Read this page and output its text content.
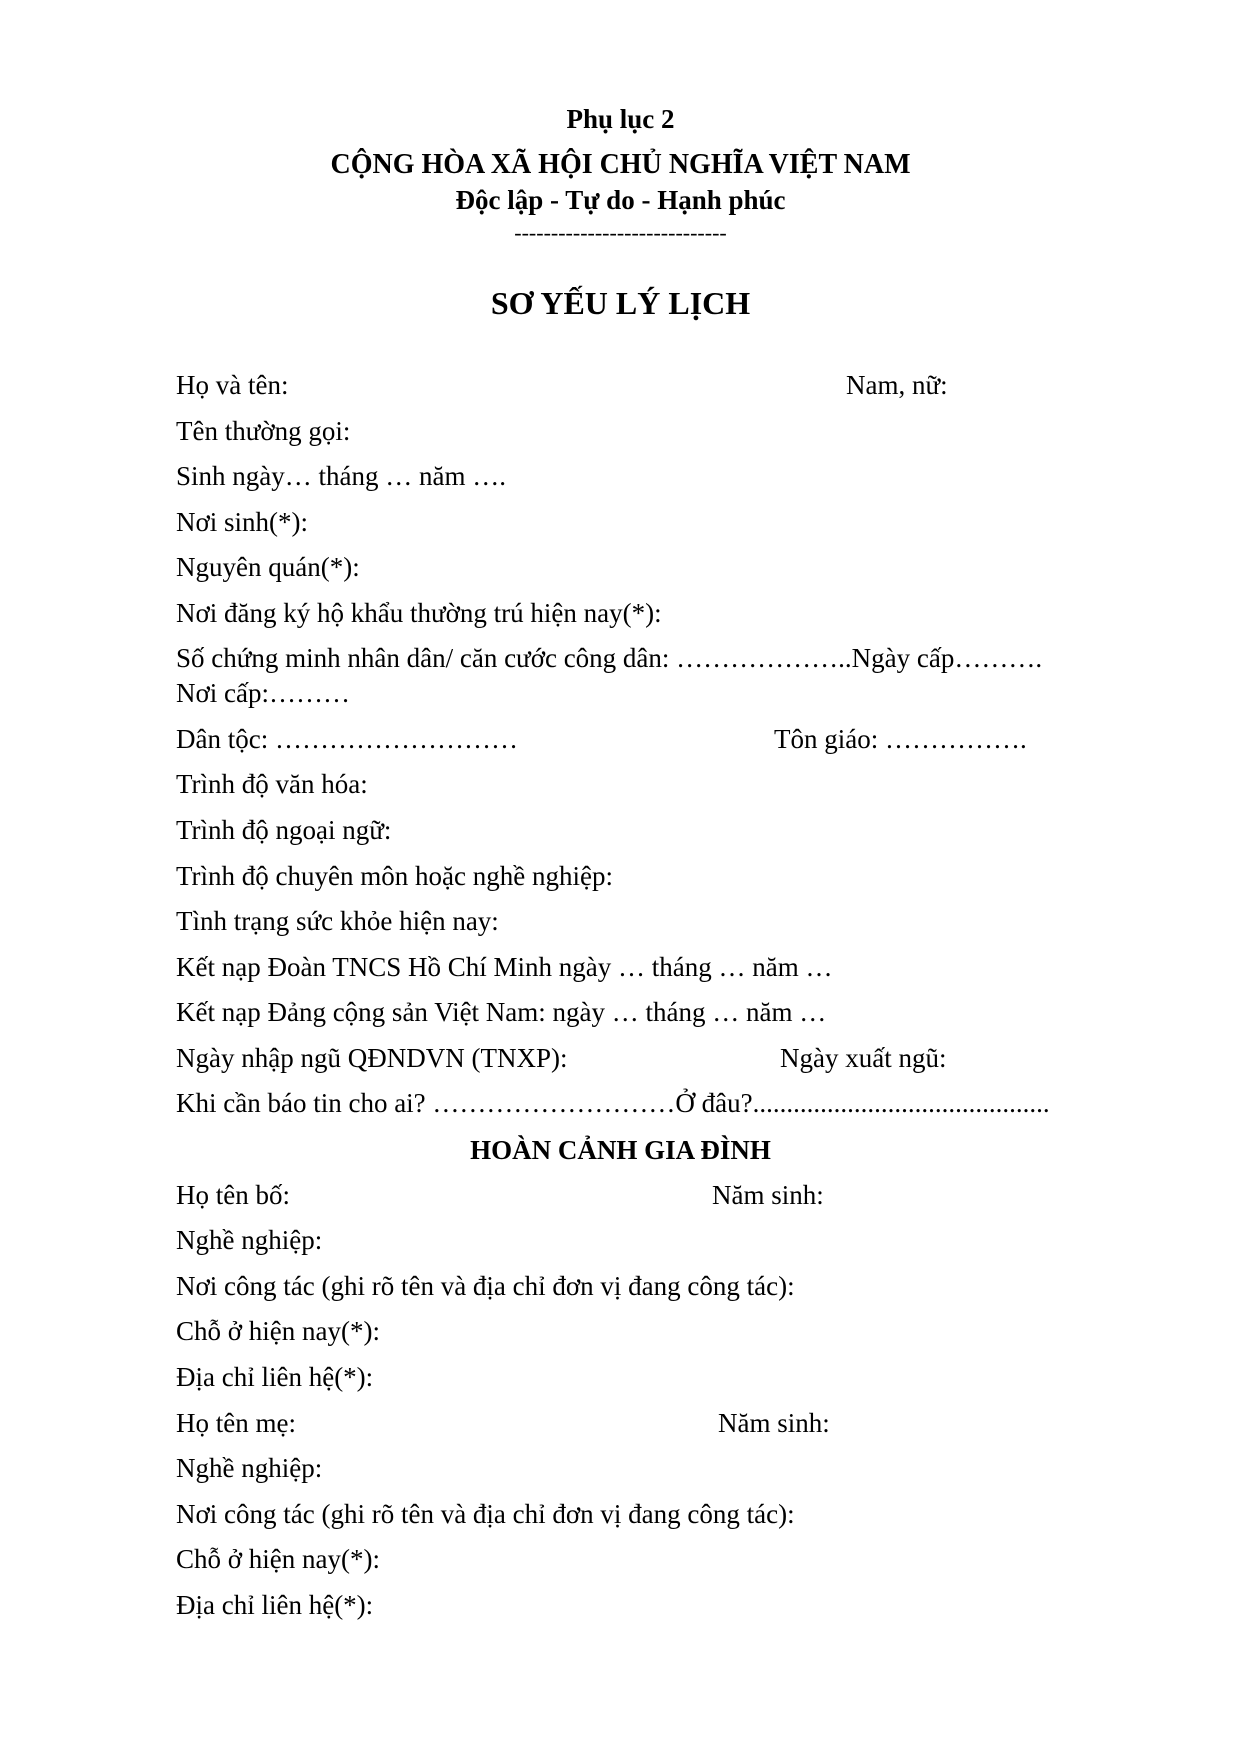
Phụ lục 2
CỘNG HÒA XÃ HỘI CHỦ NGHĨA VIỆT NAM
Độc lập - Tự do - Hạnh phúc
-----------------------------
SƠ YẾU LÝ LỊCH
Họ và tên:	Nam, nữ:
Tên thường gọi:
Sinh ngày… tháng … năm ….
Nơi sinh(*):
Nguyên quán(*):
Nơi đăng ký hộ khẩu thường trú hiện nay(*):
Số chứng minh nhân dân/ căn cước công dân: ………………..Ngày cấp……….
Nơi cấp:………
Dân tộc: ………………………	Tôn giáo: …………….
Trình độ văn hóa:
Trình độ ngoại ngữ:
Trình độ chuyên môn hoặc nghề nghiệp:
Tình trạng sức khỏe hiện nay:
Kết nạp Đoàn TNCS Hồ Chí Minh ngày … tháng … năm …
Kết nạp Đảng cộng sản Việt Nam: ngày … tháng … năm …
Ngày nhập ngũ QĐNDVN (TNXP):	Ngày xuất ngũ:
Khi cần báo tin cho ai? ………………………Ở đâu?............................................
HOÀN CẢNH GIA ĐÌNH
Họ tên bố:	Năm sinh:
Nghề nghiệp:
Nơi công tác (ghi rõ tên và địa chỉ đơn vị đang công tác):
Chỗ ở hiện nay(*):
Địa chỉ liên hệ(*):
Họ tên mẹ:	Năm sinh:
Nghề nghiệp:
Nơi công tác (ghi rõ tên và địa chỉ đơn vị đang công tác):
Chỗ ở hiện nay(*):
Địa chỉ liên hệ(*):
